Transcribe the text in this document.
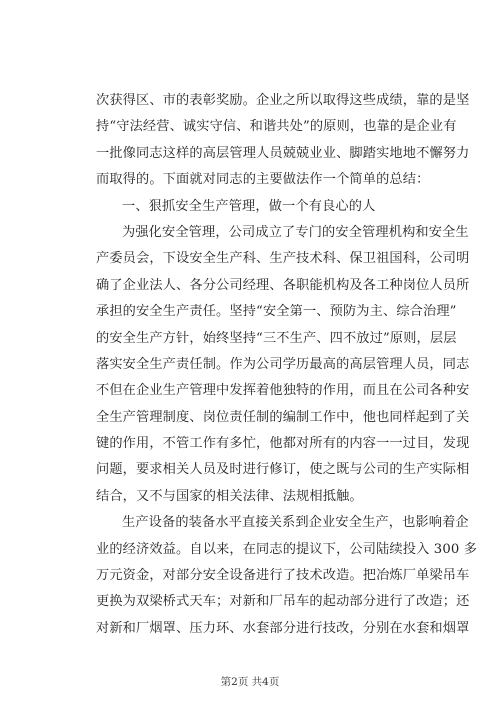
次获得区、市的表彰奖励。企业之所以取得这些成绩，靠的是坚
持“守法经营、诚实守信、和谐共处”的原则，也靠的是企业有
一批像同志这样的高层管理人员兢兢业业、脚踏实地地不懈努力
而取得的。下面就对同志的主要做法作一个简单的总结：
一、狠抓安全生产管理，做一个有良心的人
为强化安全管理，公司成立了专门的安全管理机构和安全生
产委员会，下设安全生产科、生产技术科、保卫祖国科，公司明
确了企业法人、各分公司经理、各职能机构及各工种岗位人员所
承担的安全生产责任。坚持“安全第一、预防为主、综合治理”
的安全生产方针，始终坚持“三不生产、四不放过”原则，层层
落实安全生产责任制。作为公司学历最高的高层管理人员，同志
不但在企业生产管理中发挥着他独特的作用，而且在公司各种安
全生产管理制度、岗位责任制的编制工作中，他也同样起到了关
键的作用，不管工作有多忙，他都对所有的内容一一过目，发现
问题，要求相关人员及时进行修订，使之既与公司的生产实际相
结合，又不与国家的相关法律、法规相抵触。
生产设备的装备水平直接关系到企业安全生产，也影响着企
业的经济效益。自以来，在同志的提议下，公司陆续投入 300 多
万元资金，对部分安全设备进行了技术改造。把冶炼厂单梁吊车
更换为双梁桥式天车；对新和厂吊车的起动部分进行了改造；还
对新和厂烟罩、压力环、水套部分进行技改，分别在水套和烟罩
第2页 共4页
